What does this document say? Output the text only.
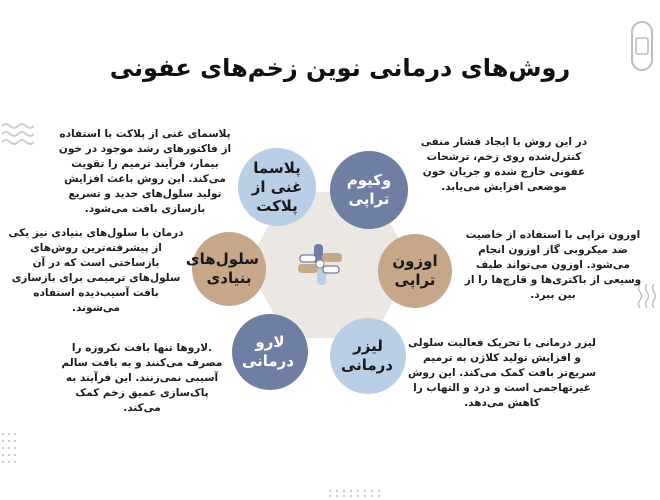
روش‌های درمانی نوین زخم‌های عفونی
پلاسما غنی از پلاکت
وکیوم تراپی
سلول‌های بنیادی
اوزون تراپی
لارو درمانی
لیزر درمانی
پلاسمای غنی از پلاکت با استفاده از فاکتورهای رشد موجود در خون بیمار، فرآیند ترمیم را تقویت می‌کند. این روش باعث افزایش تولید سلول‌های جدید و تسریع بازسازی بافت می‌شود.
در این روش با ایجاد فشار منفی کنترل‌شده روی زخم، ترشحات عفونی خارج شده و جریان خون موضعی افزایش می‌یابد.
درمان با سلول‌های بنیادی نیز یکی از پیشرفته‌ترین روش‌های بازساختی است که در آن سلول‌های ترمیمی برای بازسازی بافت آسیب‌دیده استفاده می‌شوند.
اوزون تراپی با استفاده از خاصیت ضد میکروبی گاز اوزون انجام می‌شود. اوزون می‌تواند طیف وسیعی از باکتری‌ها و قارچ‌ها را از بین ببرد.
.لاروها تنها بافت نکروزه را مصرف می‌کنند و به بافت سالم آسیبی نمی‌زنند. این فرآیند به پاک‌سازی عمیق زخم کمک می‌کند.
لیزر درمانی با تحریک فعالیت سلولی و افزایش تولید کلاژن به ترمیم سریع‌تر بافت کمک می‌کند. این روش غیرتهاجمی است و درد و التهاب را کاهش می‌دهد.
